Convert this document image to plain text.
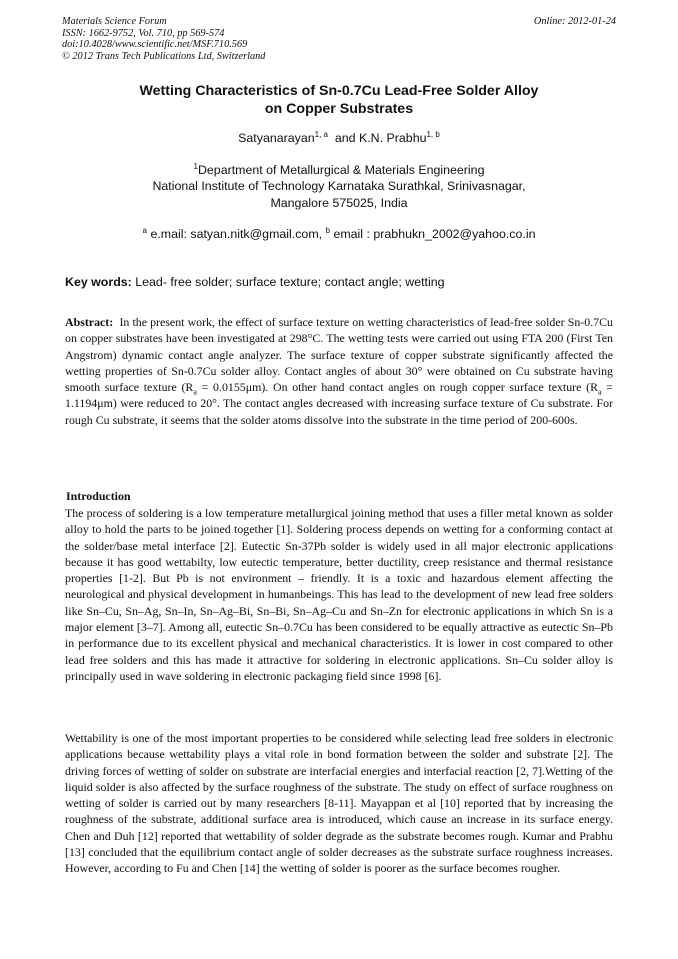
Materials Science Forum
ISSN: 1662-9752, Vol. 710, pp 569-574
doi:10.4028/www.scientific.net/MSF.710.569
© 2012 Trans Tech Publications Ltd, Switzerland
Online: 2012-01-24
Wetting Characteristics of Sn-0.7Cu Lead-Free Solder Alloy
on Copper Substrates
Satyanarayan$^{1, a}$ and K.N. Prabhu$^{1, b}$
$^1$Department of Metallurgical & Materials Engineering
National Institute of Technology Karnataka Surathkal, Srinivasnagar,
Mangalore 575025, India
$^a$ e.mail: satyan.nitk@gmail.com, $^b$ email : prabhukn_2002@yahoo.co.in
Key words: Lead- free solder; surface texture; contact angle; wetting
Abstract: In the present work, the effect of surface texture on wetting characteristics of lead-free solder Sn-0.7Cu on copper substrates have been investigated at 298°C. The wetting tests were carried out using FTA 200 (First Ten Angstrom) dynamic contact angle analyzer. The surface texture of copper substrate significantly affected the wetting properties of Sn-0.7Cu solder alloy. Contact angles of about 30° were obtained on Cu substrate having smooth surface texture $(R_a = 0.0155\mu m)$. On other hand contact angles on rough copper surface texture $(R_a = 1.1194\mu m)$ were reduced to 20°. The contact angles decreased with increasing surface texture of Cu substrate. For rough Cu substrate, it seems that the solder atoms dissolve into the substrate in the time period of 200-600s.
Introduction
The process of soldering is a low temperature metallurgical joining method that uses a filler metal known as solder alloy to hold the parts to be joined together [1]. Soldering process depends on wetting for a conforming contact at the solder/base metal interface [2]. Eutectic Sn-37Pb solder is widely used in all major electronic applications because it has good wettabilty, low eutectic temperature, better ductility, creep resistance and thermal resistance properties [1-2]. But Pb is not environment – friendly. It is a toxic and hazardous element affecting the neurological and physical development in humanbeings. This has lead to the development of new lead free solders like Sn–Cu, Sn–Ag, Sn–In, Sn–Ag–Bi, Sn–Bi, Sn–Ag–Cu and Sn–Zn for electronic applications in which Sn is a major element [3–7]. Among all, eutectic Sn–0.7Cu has been considered to be equally attractive as eutectic Sn–Pb in performance due to its excellent physical and mechanical characteristics. It is lower in cost compared to other lead free solders and this has made it attractive for soldering in electronic applications. Sn–Cu solder alloy is principally used in wave soldering in electronic packaging field since 1998 [6].
Wettability is one of the most important properties to be considered while selecting lead free solders in electronic applications because wettability plays a vital role in bond formation between the solder and substrate [2]. The driving forces of wetting of solder on substrate are interfacial energies and interfacial reaction [2, 7].Wetting of the liquid solder is also affected by the surface roughness of the substrate. The study on effect of surface roughness on wetting of solder is carried out by many researchers [8-11]. Mayappan et al [10] reported that by increasing the roughness of the substrate, additional surface area is introduced, which cause an increase in its surface energy. Chen and Duh [12] reported that wettability of solder degrade as the substrate becomes rough. Kumar and Prabhu [13] concluded that the equilibrium contact angle of solder decreases as the substrate surface roughness increases. However, according to Fu and Chen [14] the wetting of solder is poorer as the surface becomes rougher.
